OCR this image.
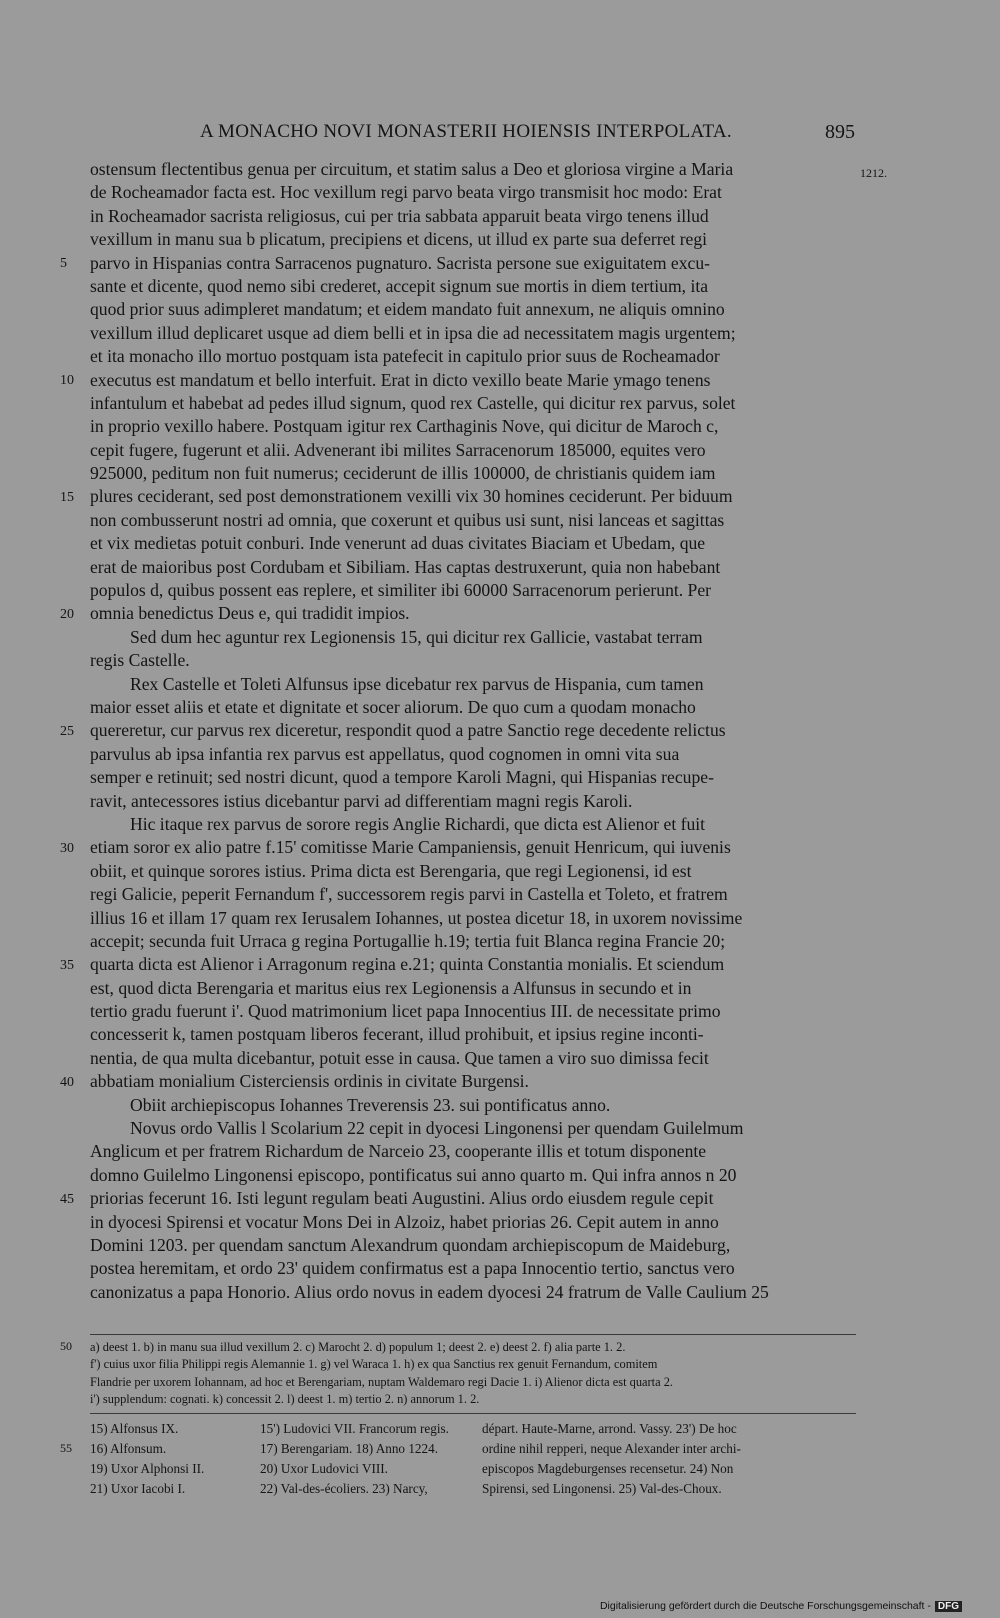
A MONACHO NOVI MONASTERII HOIENSIS INTERPOLATA.	895
1212.
5
10
15
20
25
30
35
40
45
ostensum flectentibus genua per circuitum, et statim salus a Deo et gloriosa virgine a Maria
de Rocheamador facta est. Hoc vexillum regi parvo beata virgo transmisit hoc modo: Erat
in Rocheamador sacrista religiosus, cui per tria sabbata apparuit beata virgo tenens illud
vexillum in manu sua b plicatum, precipiens et dicens, ut illud ex parte sua deferret regi
parvo in Hispanias contra Sarracenos pugnaturo. Sacrista persone sue exiguitatem excu-
sante et dicente, quod nemo sibi crederet, accepit signum sue mortis in diem tertium, ita
quod prior suus adimpleret mandatum; et eidem mandato fuit annexum, ne aliquis omnino
vexillum illud deplicaret usque ad diem belli et in ipsa die ad necessitatem magis urgentem;
et ita monacho illo mortuo postquam ista patefecit in capitulo prior suus de Rocheamador
executus est mandatum et bello interfuit. Erat in dicto vexillo beate Marie ymago tenens
infantulum et habebat ad pedes illud signum, quod rex Castelle, qui dicitur rex parvus, solet
in proprio vexillo habere. Postquam igitur rex Carthaginis Nove, qui dicitur de Maroch c,
cepit fugere, fugerunt et alii. Advenerant ibi milites Sarracenorum 185000, equites vero
925000, peditum non fuit numerus; ceciderunt de illis 100000, de christianis quidem iam
plures ceciderant, sed post demonstrationem vexilli vix 30 homines ceciderunt. Per biduum
non combusserunt nostri ad omnia, que coxerunt et quibus usi sunt, nisi lanceas et sagittas
et vix medietas potuit conburi. Inde venerunt ad duas civitates Biaciam et Ubedam, que
erat de maioribus post Cordubam et Sibiliam. Has captas destruxerunt, quia non habebant
populos d, quibus possent eas replere, et similiter ibi 60000 Sarracenorum perierunt. Per
omnia benedictus Deus e, qui tradidit impios.
Sed dum hec aguntur rex Legionensis 15, qui dicitur rex Gallicie, vastabat terram
regis Castelle.
Rex Castelle et Toleti Alfunsus ipse dicebatur rex parvus de Hispania, cum tamen
maior esset aliis et etate et dignitate et socer aliorum. De quo cum a quodam monacho
quereretur, cur parvus rex diceretur, respondit quod a patre Sanctio rege decedente relictus
parvulus ab ipsa infantia rex parvus est appellatus, quod cognomen in omni vita sua
semper e retinuit; sed nostri dicunt, quod a tempore Karoli Magni, qui Hispanias recupe-
ravit, antecessores istius dicebantur parvi ad differentiam magni regis Karoli.
Hic itaque rex parvus de sorore regis Anglie Richardi, que dicta est Alienor et fuit
etiam soror ex alio patre f.15' comitisse Marie Campaniensis, genuit Henricum, qui iuvenis
obiit, et quinque sorores istius. Prima dicta est Berengaria, que regi Legionensi, id est
regi Galicie, peperit Fernandum f', successorem regis parvi in Castella et Toleto, et fratrem
illius 16 et illam 17 quam rex Ierusalem Iohannes, ut postea dicetur 18, in uxorem novissime
accepit; secunda fuit Urraca g regina Portugallie h.19; tertia fuit Blanca regina Francie 20;
quarta dicta est Alienor i Arragonum regina e.21; quinta Constantia monialis. Et sciendum
est, quod dicta Berengaria et maritus eius rex Legionensis a Alfunsus in secundo et in
tertio gradu fuerunt i'. Quod matrimonium licet papa Innocentius III. de necessitate primo
concesserit k, tamen postquam liberos fecerant, illud prohibuit, et ipsius regine inconti-
nentia, de qua multa dicebantur, potuit esse in causa. Que tamen a viro suo dimissa fecit
abbatiam monialium Cisterciensis ordinis in civitate Burgensi.
Obiit archiepiscopus Iohannes Treverensis 23. sui pontificatus anno.
Novus ordo Vallis l Scolarium 22 cepit in dyocesi Lingonensi per quendam Guilelmum
Anglicum et per fratrem Richardum de Narceio 23, cooperante illis et totum disponente
domno Guilelmo Lingonensi episcopo, pontificatus sui anno quarto m. Qui infra annos n 20
priorias fecerunt 16. Isti legunt regulam beati Augustini. Alius ordo eiusdem regule cepit
in dyocesi Spirensi et vocatur Mons Dei in Alzoiz, habet priorias 26. Cepit autem in anno
Domini 1203. per quendam sanctum Alexandrum quondam archiepiscopum de Maideburg,
postea heremitam, et ordo 23' quidem confirmatus est a papa Innocentio tertio, sanctus vero
canonizatus a papa Honorio. Alius ordo novus in eadem dyocesi 24 fratrum de Valle Caulium 25
a) deest 1. b) in manu sua illud vexillum 2. c) Marocht 2. d) populum 1; deest 2. e) deest 2. f) alia parte 1. 2.
f') cuius uxor filia Philippi regis Alemannie 1. g) vel Waraca 1. h) ex qua Sanctius rex genuit Fernandum, comitem
Flandrie per uxorem Iohannam, ad hoc et Berengariam, nuptam Waldemaro regi Dacie 1. i) Alienor dicta est quarta 2.
i') supplendum: cognati. k) concessit 2. l) deest 1. m) tertio 2. n) annorum 1. 2.
15) Alfonsus IX.
16) Alfonsum.
19) Uxor Alphonsi II.
21) Uxor Iacobi I.
15') Ludovici VII. Francorum regis.
17) Berengariam. 18) Anno 1224.
20) Uxor Ludovici VIII.
22) Val-des-écoliers. 23) Narcy,
départ. Haute-Marne, arrond. Vassy. 23') De hoc
ordine nihil repperi, neque Alexander inter archi-
episcopos Magdeburgenses recensetur. 24) Non
Spirensi, sed Lingonensi. 25) Val-des-Choux.
50
55
Digitalisierung gefördert durch die Deutsche Forschungsgemeinschaft - DFG
